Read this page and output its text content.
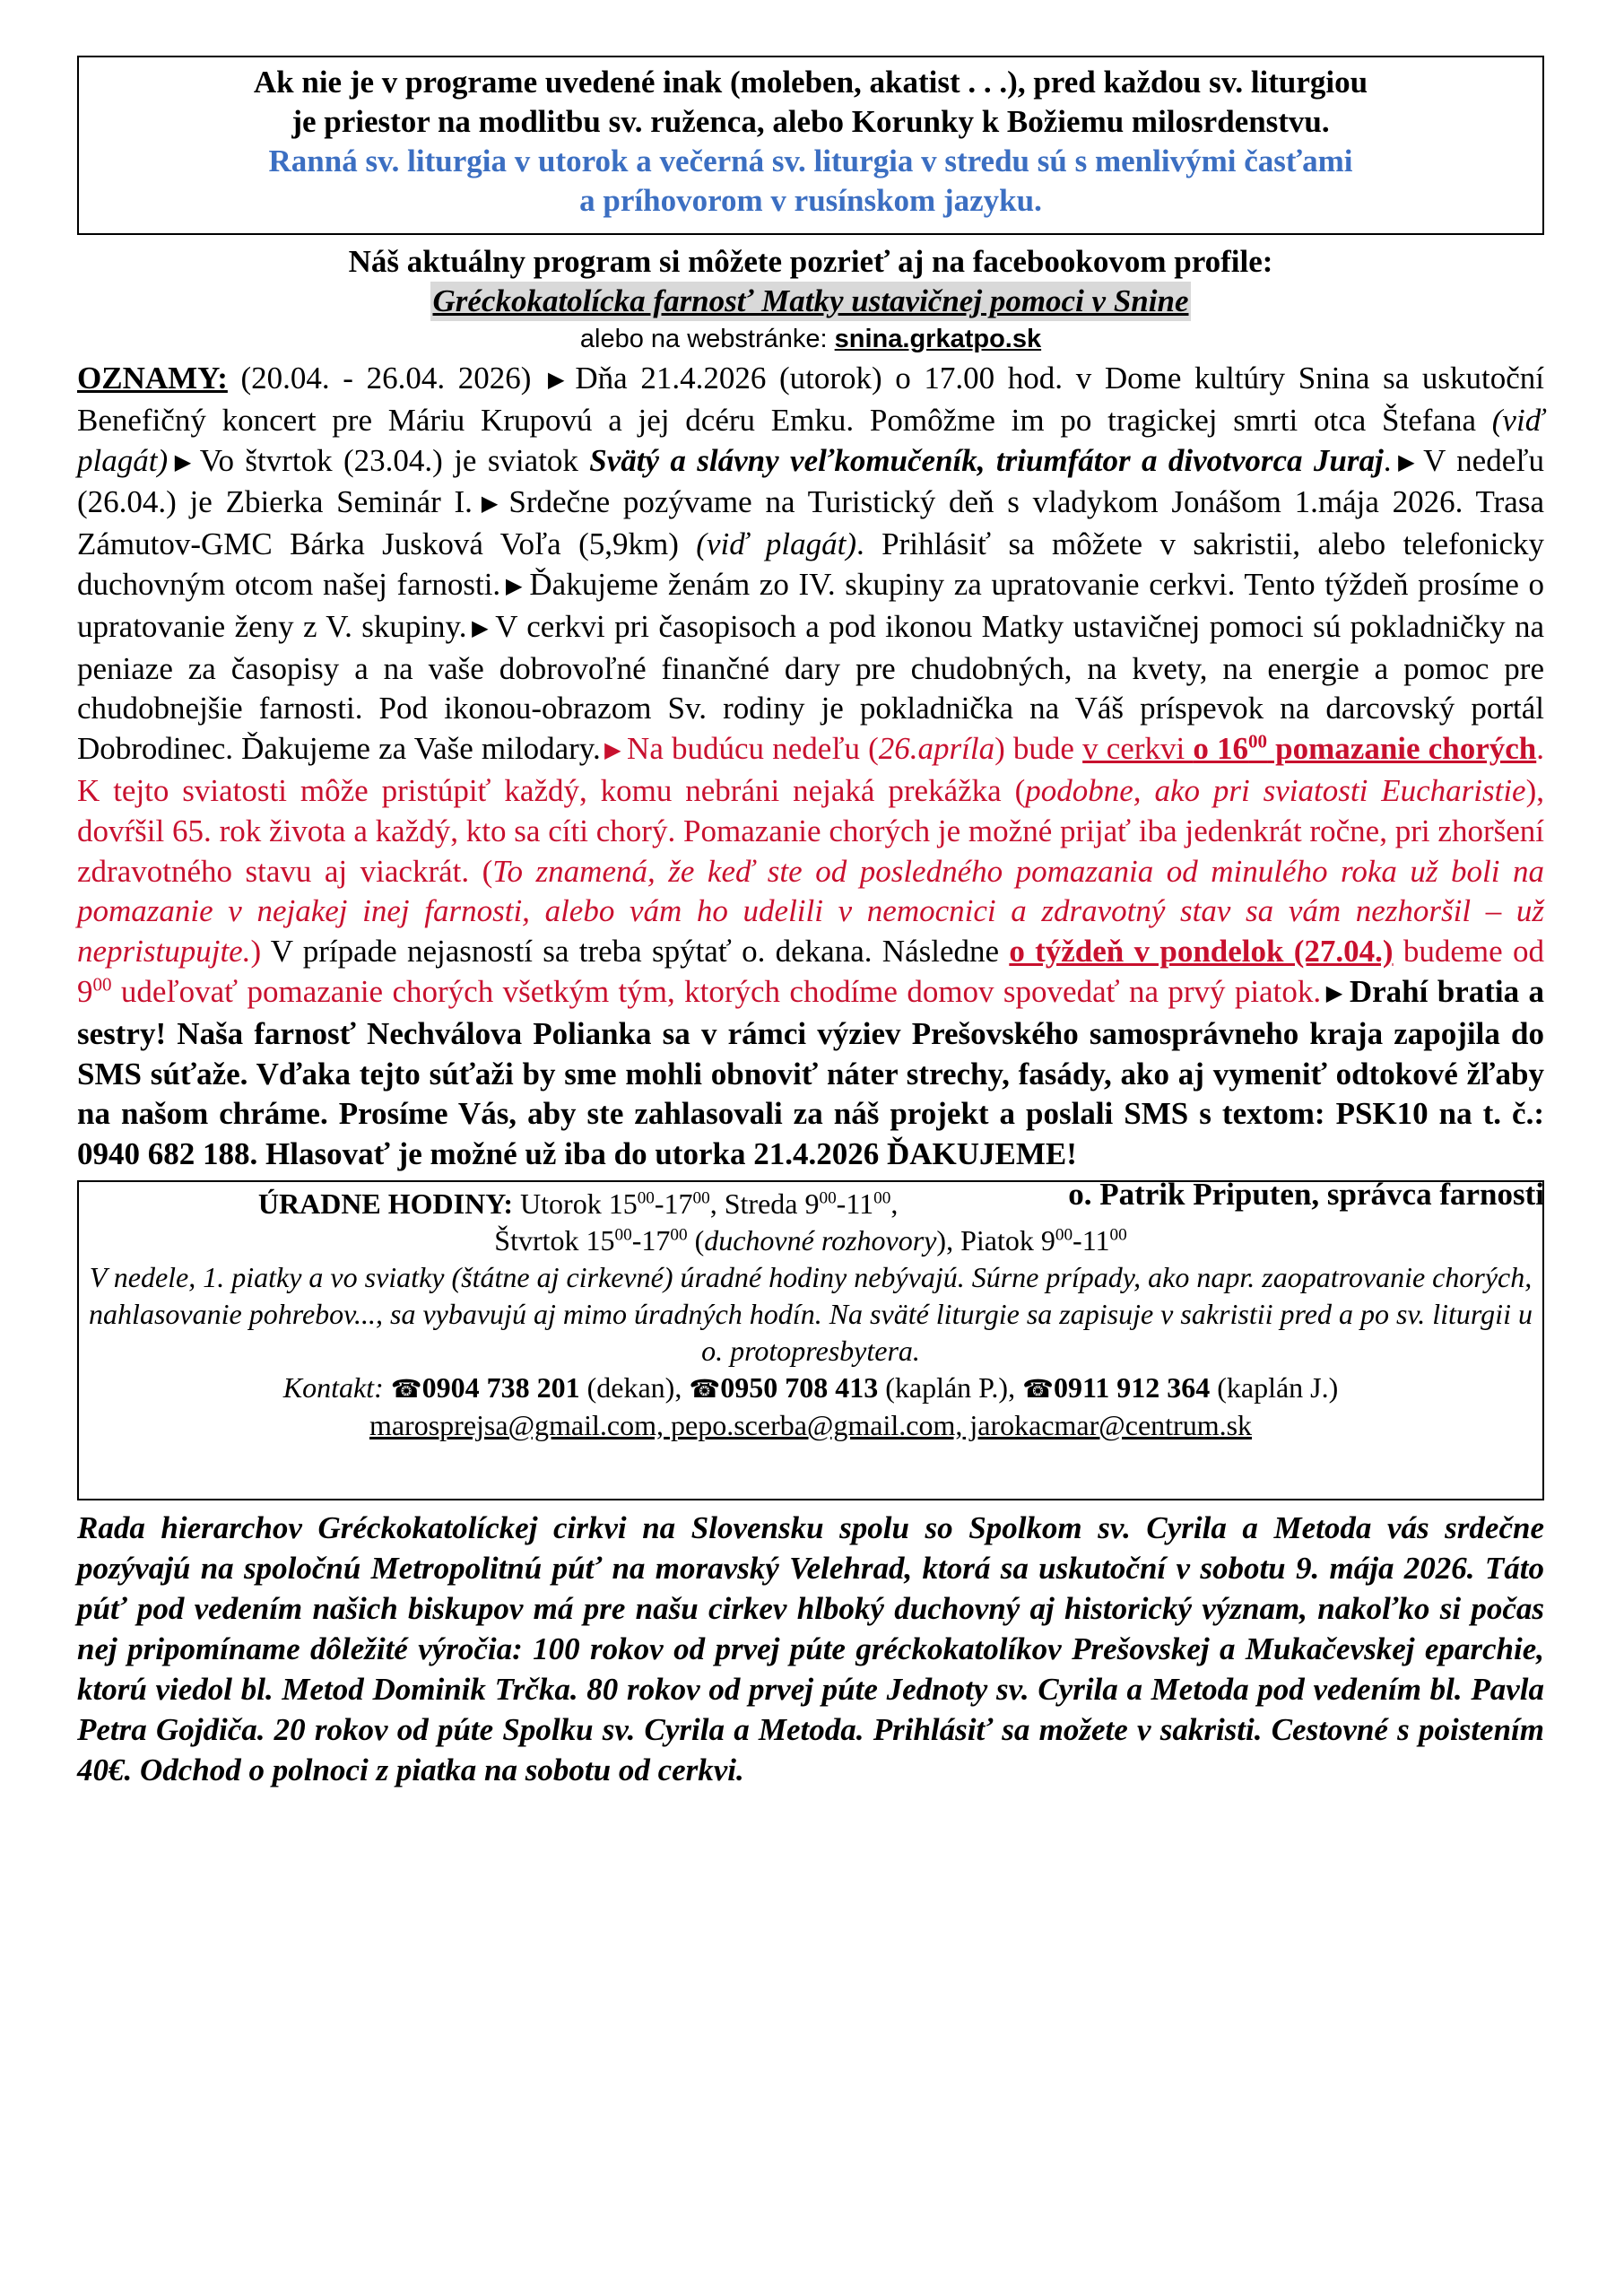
Ak nie je v programe uvedené inak (moleben, akatist . . .), pred každou sv. liturgiou
je priestor na modlitbu sv. ruženca, alebo Korunky k Božiemu milosrdenstvu.
Ranná sv. liturgia v utorok a večerná sv. liturgia v stredu sú s menlivými časťami
a príhovorom v rusínskom jazyku.
Náš aktuálny program si môžete pozrieť aj na facebookovom profile:
Gréckokatolícka farnosť Matky ustavičnej pomoci v Snine
alebo na webstránke: snina.grkatpo.sk
OZNAMY: (20.04. - 26.04. 2026) ▶ Dňa 21.4.2026 (utorok) o 17.00 hod. v Dome kultúry Snina sa uskutoční Benefičný koncert pre Máriu Krupovú a jej dcéru Emku. Pomôžme im po tragickej smrti otca Štefana (viď plagát) ▶ Vo štvrtok (23.04.) je sviatok Svätý a slávny veľkomučeník, triumfátor a divotvorca Juraj. ▶ V nedeľu (26.04.) je Zbierka Seminár I. ▶ Srdečne pozývame na Turistický deň s vladykom Jonášom 1.mája 2026. Trasa Zámutov-GMC Bárka Jusková Voľa (5,9km) (viď plagát). Prihlásiť sa môžete v sakristii, alebo telefonicky duchovným otcom našej farnosti. ▶ Ďakujeme ženám zo IV. skupiny za upratovanie cerkvi. Tento týždeň prosíme o upratovanie ženy z V. skupiny. ▶ V cerkvi pri časopisoch a pod ikonou Matky ustavičnej pomoci sú pokladničky na peniaze za časopisy a na vaše dobrovoľné finančné dary pre chudobných, na kvety, na energie a pomoc pre chudobnejšie farnosti. Pod ikonou-obrazom Sv. rodiny je pokladnička na Váš príspevok na darcovský portál Dobrodinec. Ďakujeme za Vaše milodary. ▶ Na budúcu nedeľu (26.apríla) bude v cerkvi o $16^{00}$ pomazanie chorých. K tejto sviatosti môže pristúpiť každý, komu nebráni nejaká prekážka (podobne, ako pri sviatosti Eucharistie), dovŕšil 65. rok života a každý, kto sa cíti chorý. Pomazanie chorých je možné prijať iba jedenkrát ročne, pri zhoršení zdravotného stavu aj viackrát. (To znamená, že keď ste od posledného pomazania od minulého roka už boli na pomazanie v nejakej inej farnosti, alebo vám ho udelili v nemocnici a zdravotný stav sa vám nezhoršil – už nepristupujte.) V prípade nejasností sa treba spýtať o. dekana. Následne o týždeň v pondelok (27.04.) budeme od $9^{00}$ udeľovať pomazanie chorých všetkým tým, ktorých chodíme domov spovedať na prvý piatok. ▶ Drahí bratia a sestry! Naša farnosť Nechválova Polianka sa v rámci výziev Prešovského samosprávneho kraja zapojila do SMS súťaže. Vďaka tejto súťaži by sme mohli obnoviť náter strechy, fasády, ako aj vymeniť odtokové žľaby na našom chráme. Prosíme Vás, aby ste zahlasovali za náš projekt a poslali SMS s textom: PSK10 na t. č.: 0940 682 188. Hlasovať je možné už iba do utorka 21.4.2026 ĎAKUJEME!
o. Patrik Priputen, správca farnosti
ÚRADNE HODINY: Utorok $15^{00}-17^{00}$, Streda $9^{00}-11^{00}$,
Štvrtok $15^{00}-17^{00}$ (duchovné rozhovory), Piatok $9^{00}-11^{00}$
V nedele, 1. piatky a vo sviatky (štátne aj cirkevné) úradné hodiny nebývajú. Súrne prípady, ako napr. zaopatrovanie chorých, nahlasovanie pohrebov..., sa vybavujú aj mimo úradných hodín. Na sväté liturgie sa zapisuje v sakristii pred a po sv. liturgii u o. protopresbytera.
Kontakt: ☎0904 738 201 (dekan), ☎0950 708 413 (kaplán P.), ☎0911 912 364 (kaplán J.)
marosprejsa@gmail.com, pepo.scerba@gmail.com, jarokacmar@centrum.sk
Rada hierarchov Gréckokatolíckej cirkvi na Slovensku spolu so Spolkom sv. Cyrila a Metoda vás srdečne pozývajú na spoločnú Metropolitnú púť na moravský Velehrad, ktorá sa uskutoční v sobotu 9. mája 2026. Táto púť pod vedením našich biskupov má pre našu cirkev hlboký duchovný aj historický význam, nakoľko si počas nej pripomíname dôležité výročia: 100 rokov od prvej púte gréckokatolíkov Prešovskej a Mukačevskej eparchie, ktorú viedol bl. Metod Dominik Trčka. 80 rokov od prvej púte Jednoty sv. Cyrila a Metoda pod vedením bl. Pavla Petra Gojdiča. 20 rokov od púte Spolku sv. Cyrila a Metoda. Prihlásiť sa možete v sakristi. Cestovné s poistením 40€. Odchod o polnoci z piatka na sobotu od cerkvi.
